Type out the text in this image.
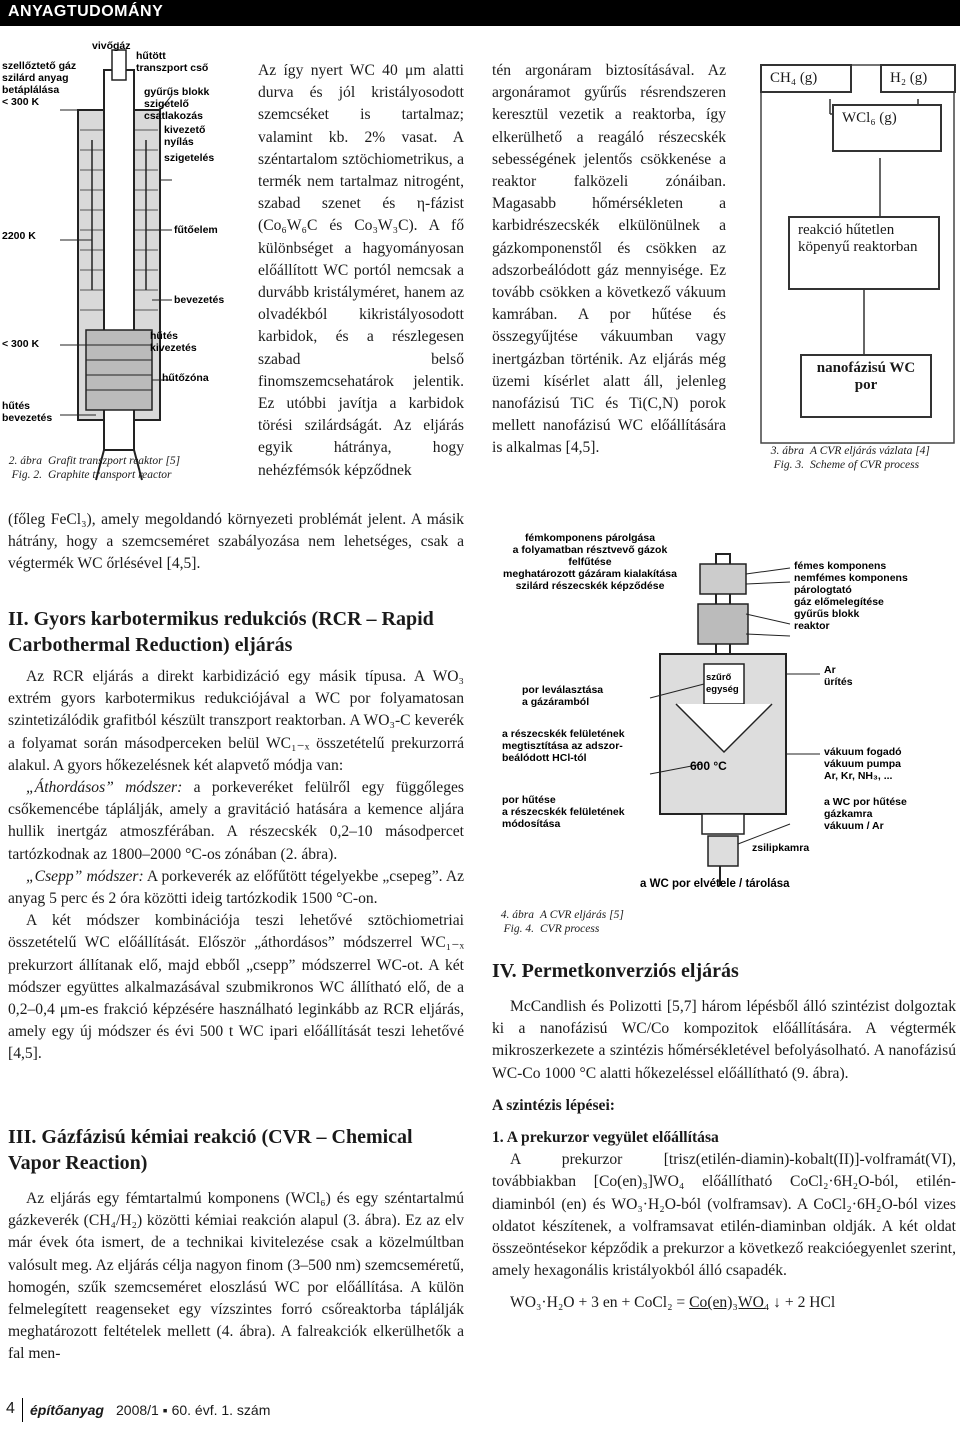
ANYAGTUDOMÁNY
vivőgáz
hűtött
transzport cső
gyűrűs blokk
szigetelő
csatlakozás
kivezető
nyílás
szigetelés
szellőztető gáz
szilárd anyag
betáplálása
< 300 K
2200 K	fűtőelem
bevezetés
< 300 K
hűtés
kivezetés
hűtőzóna
hűtés
bevezetés
2. ábra Grafit transzport reaktor [5]
Fig. 2. Graphite transport reactor

Az így nyert WC 40 μm alatti durva és jól kristályosodott szemcséket is tartalmaz; valamint kb. 2% vasat. A széntartalom sztöchiometrikus, a termék nem tartalmaz nitrogént, szabad szenet és η-fázist (Co₆W₆C és Co₃W₃C). A fő különbséget a hagyományosan előállított WC portól nemcsak a durvább kristályméret, hanem az olvadékból kikristályosodott karbidok, és a részlegesen szabad belső finomszemcsehatárok jelentik. Ez utóbbi javítja a karbidok törési szilárdságát. Az eljárás egyik hátránya, hogy nehézfémsók képződnek

(főleg FeCl₃), amely megoldandó környezeti problémát jelent. A másik hátrány, hogy a szemcseméret szabályozása nem lehetséges, csak a végtermék WC őrlésével [4,5].

II. Gyors karbotermikus redukciós (RCR – Rapid Carbothermal Reduction) eljárás

Az RCR eljárás a direkt karbidizáció egy másik típusa. A WO₃ extrém gyors karbotermikus redukciójával a WC por folyamatosan szintetizálódik grafitból készült transzport reaktorban. A WO₃-C keverék a folyamat során másodperceken belül WC₁₋ₓ összetételű prekurzorrá alakul. A gyors hőkezelésnek két alapvető módja van:

„Áthordásos” módszer: a porkeveréket felülről egy függőleges csőkemencébe táplálják, amely a gravitáció hatására a kemence aljára hullik inertgáz atmoszférában. A részecskék 0,2–10 másodpercet tartózkodnak az 1800–2000 °C-os zónában (2. ábra).

„Csepp” módszer: A porkeverék az előfűtött tégelyekbe „csepeg”. Az anyag 5 perc és 2 óra közötti ideig tartózkodik 1500 °C-on.

A két módszer kombinációja teszi lehetővé sztöchiometriai összetételű WC előállítását. Először „áthordásos” módszerrel WC₁₋ₓ prekurzort állítanak elő, majd ebből „csepp” módszerrel WC-ot. A két módszer együttes alkalmazásával szubmikronos WC állítható elő, de a 0,2–0,4 μm-es frakció képzésére használható leginkább az RCR eljárás, amely egy új módszer és évi 500 t WC ipari előállítását teszi lehetővé [4,5].

III. Gázfázisú kémiai reakció (CVR – Chemical Vapor Reaction)

Az eljárás egy fémtartalmú komponens (WCl₆) és egy széntartalmú gázkeverék (CH₄/H₂) közötti kémiai reakción alapul (3. ábra). Ez az elv már évek óta ismert, de a technikai kivitelezése csak a közelmúltban valósult meg. Az eljárás célja nagyon finom (3–500 nm) szemcseméretű, homogén, szűk szemcseméret eloszlású WC por előállítása. A külön felmelegített reagenseket egy vízszintes forró csőreaktorba táplálják meghatározott feltételek mellett (4. ábra). A falreakciók elkerülhetők a fal men-

tén argonáram biztosításával. Az argonáramot gyűrűs résrendszeren keresztül vezetik a reaktorba, így elkerülhető a reagáló részecskék sebességének jelentős csökkenése a reaktor falközeli zónáiban. Magasabb hőmérsékleten a karbidrészecskék elkülönülnek a gázkomponenstől és csökken az adszorbeálódott gáz mennyisége. Ez tovább csökken a következő vákuum kamrában. A por hűtése és összegyűjtése vákuumban vagy inertgázban történik. Az eljárás még üzemi kísérlet alatt áll, jelenleg nanofázisú TiC és Ti(C,N) porok mellett nanofázisú WC előállítására is alkalmas [4,5].

CH₄ (g)	H₂ (g)
WCl₆ (g)
reakció hűtetlen köpenyű reaktorban
nanofázisú WC por
3. ábra A CVR eljárás vázlata [4]
Fig. 3. Scheme of CVR process
fémkomponens párolgása
a folyamatban résztvevő gázok felfűtése
meghatározott gázáram kialakítása
szilárd részecskék képződése
fémes komponens
nemfémes komponens
párologtató
gáz előmelegítése
gyűrűs blokk
reaktor
Ar
ürítés
szűrő
egység
por leválasztása
a gázáramból
a részecskék felületének
megtisztítása az adszor-
beálódott HCl-tól
600 °C
por hűtése
a részecskék felületének
módosítása
vákuum fogadó
vákuum pumpa
Ar, Kr, NH₃, ...
a WC por hűtése
gázkamra
vákuum / Ar
zsilipkamra
a WC por elvétele / tárolása
4. ábra A CVR eljárás [5]
Fig. 4. CVR process
IV. Permetkonverziós eljárás

McCandlish és Polizotti [5,7] három lépésből álló szintézist dolgoztak ki a nanofázisú WC/Co kompozitok előállítására. A végtermék mikroszerkezete a szintézis hőmérsékletével befolyásolható. A nanofázisú WC-Co 1000 °C alatti hőkezeléssel előállítható (9. ábra).

A szintézis lépései:

1. A prekurzor vegyület előállítása

A prekurzor [trisz(etilén-diamin)-kobalt(II)]-volframát(VI), továbbiakban [Co(en)₃]WO₄ előállítható CoCl₂·6H₂O-ból, etilén-diaminból (en) és WO₃·H₂O-ból (volframsav). A CoCl₂·6H₂O-ból vizes oldatot készítenek, a volframsavat etilén-diaminban oldják. A két oldat összeöntésekor képződik a prekurzor a következő reakcióegyenlet szerint, amely hexagonális kristályokból álló csapadék.

WO₃·H₂O + 3 en + CoCl₂ = Co(en)₃WO₄ ↓ + 2 HCl

4 építőanyag 2008/1 ▪ 60. évf. 1. szám
